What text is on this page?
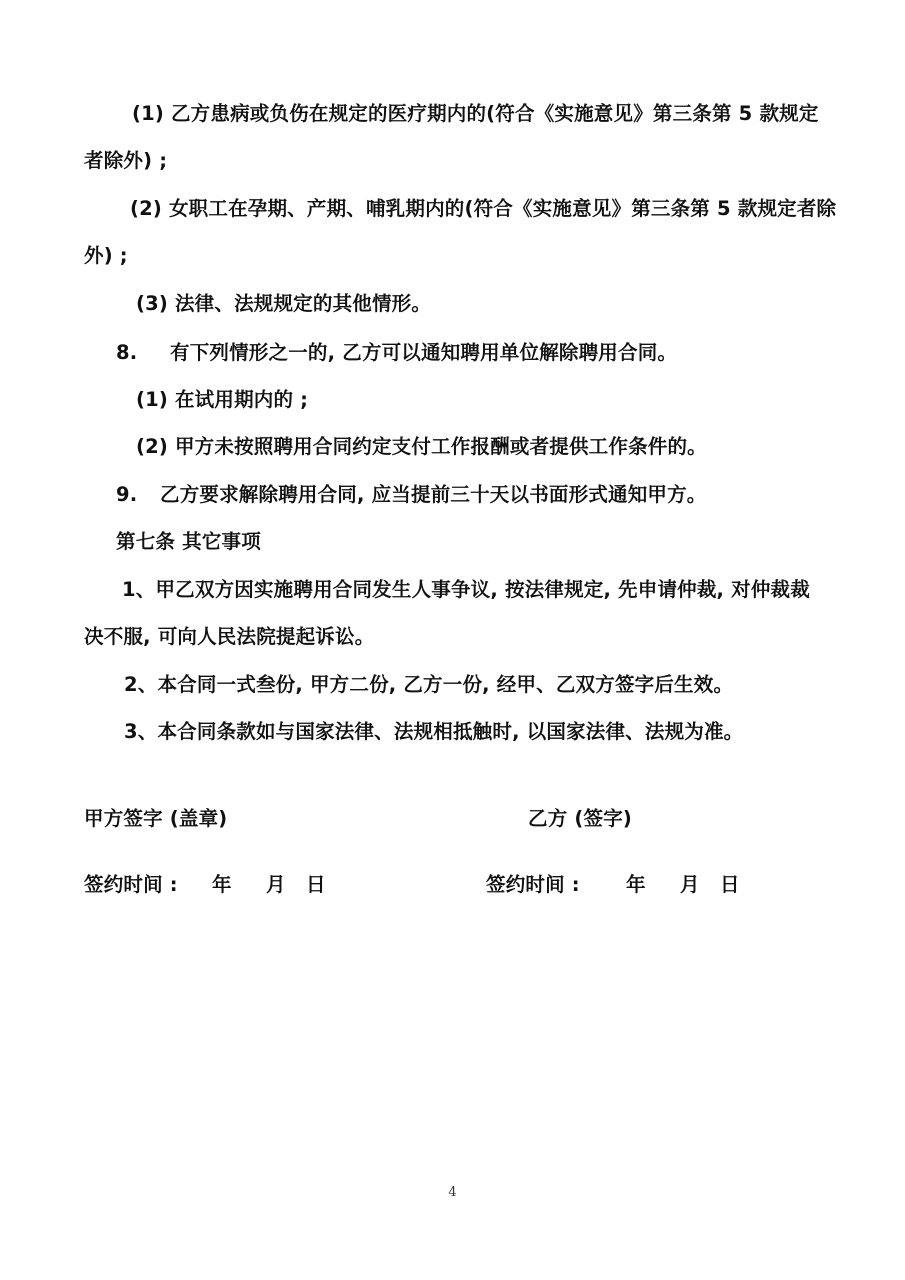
(1) 乙方患病或负伤在规定的医疗期内的(符合《实施意见》第三条第 5 款规定
者除外) ;
(2) 女职工在孕期、产期、哺乳期内的(符合《实施意见》第三条第 5 款规定者除
外) ;
(3) 法律、法规规定的其他情形。
8. 有下列情形之一的, 乙方可以通知聘用单位解除聘用合同。
(1) 在试用期内的 ;
(2) 甲方未按照聘用合同约定支付工作报酬或者提供工作条件的。
9. 乙方要求解除聘用合同, 应当提前三十天以书面形式通知甲方。
第七条 其它事项
1、甲乙双方因实施聘用合同发生人事争议, 按法律规定, 先申请仲裁, 对仲裁裁
决不服, 可向人民法院提起诉讼。
2、本合同一式叁份, 甲方二份, 乙方一份, 经甲、乙双方签字后生效。
3、本合同条款如与国家法律、法规相抵触时, 以国家法律、法规为准。
甲方签字 (盖章)	乙方 (签字)
签约时间 : 年 月 日	签约时间 : 年 月 日
4
